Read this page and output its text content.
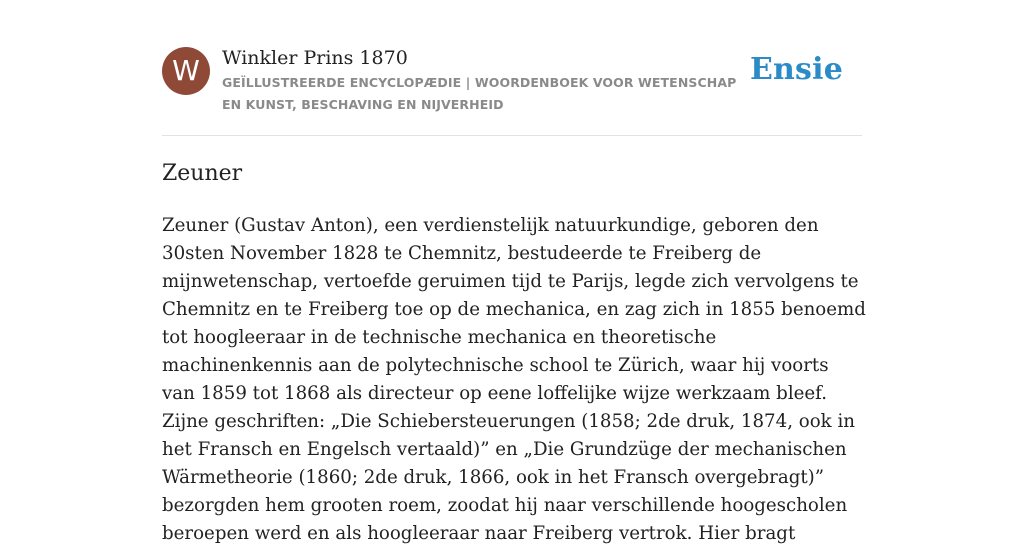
W	Winkler Prins 1870
GEÏLLUSTREERDE ENCYCLOPÆDIE | WOORDENBOEK VOOR WETENSCHAP EN KUNST, BESCHAVING EN NIJVERHEID
Ensie
Zeuner

Zeuner (Gustav Anton), een verdienstelijk natuurkundige, geboren den 30sten November 1828 te Chemnitz, bestudeerde te Freiberg de mijnwetenschap, vertoefde geruimen tijd te Parijs, legde zich vervolgens te Chemnitz en te Freiberg toe op de mechanica, en zag zich in 1855 benoemd tot hoogleeraar in de technische mechanica en theoretische machinenkennis aan de polytechnische school te Zürich, waar hij voorts van 1859 tot 1868 als directeur op eene loffelijke wijze werkzaam bleef. Zijne geschriften: „Die Schiebersteuerungen (1858; 2de druk, 1874, ook in het Fransch en Engelsch vertaald)” en „Die Grundzüge der mechanischen Wärmetheorie (1860; 2de druk, 1866, ook in het Fransch overgebragt)” bezorgden hem grooten roem, zoodat hij naar verschillende hoogescholen beroepen werd en als hoogleeraar naar Freiberg vertrok. Hier bragt
